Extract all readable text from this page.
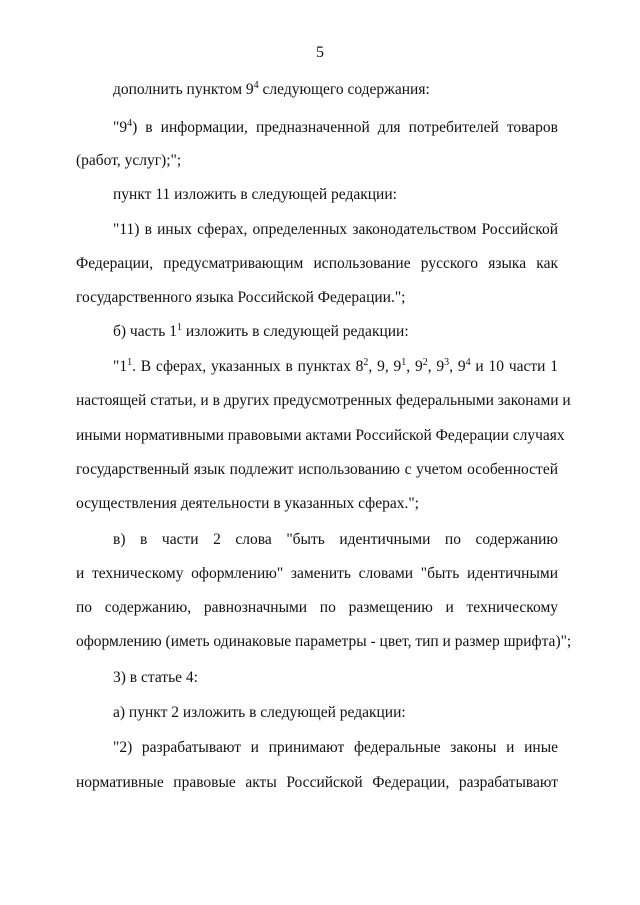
5
дополнить пунктом $9^4$ следующего содержания:
"$9^4$) в информации, предназначенной для потребителей товаров
(работ, услуг);";
пункт 11 изложить в следующей редакции:
"11) в иных сферах, определенных законодательством Российской
Федерации, предусматривающим использование русского языка как
государственного языка Российской Федерации.";
б) часть $1^1$ изложить в следующей редакции:
"$1^1$. В сферах, указанных в пунктах $8^2$, 9, $9^1$, $9^2$, $9^3$, $9^4$ и 10 части 1
настоящей статьи, и в других предусмотренных федеральными законами и
иными нормативными правовыми актами Российской Федерации случаях
государственный язык подлежит использованию с учетом особенностей
осуществления деятельности в указанных сферах.";
в) в части 2 слова "быть идентичными по содержанию
и техническому оформлению" заменить словами "быть идентичными
по содержанию, равнозначными по размещению и техническому
оформлению (иметь одинаковые параметры - цвет, тип и размер шрифта)";
3) в статье 4:
а) пункт 2 изложить в следующей редакции:
"2) разрабатывают и принимают федеральные законы и иные
нормативные правовые акты Российской Федерации, разрабатывают
